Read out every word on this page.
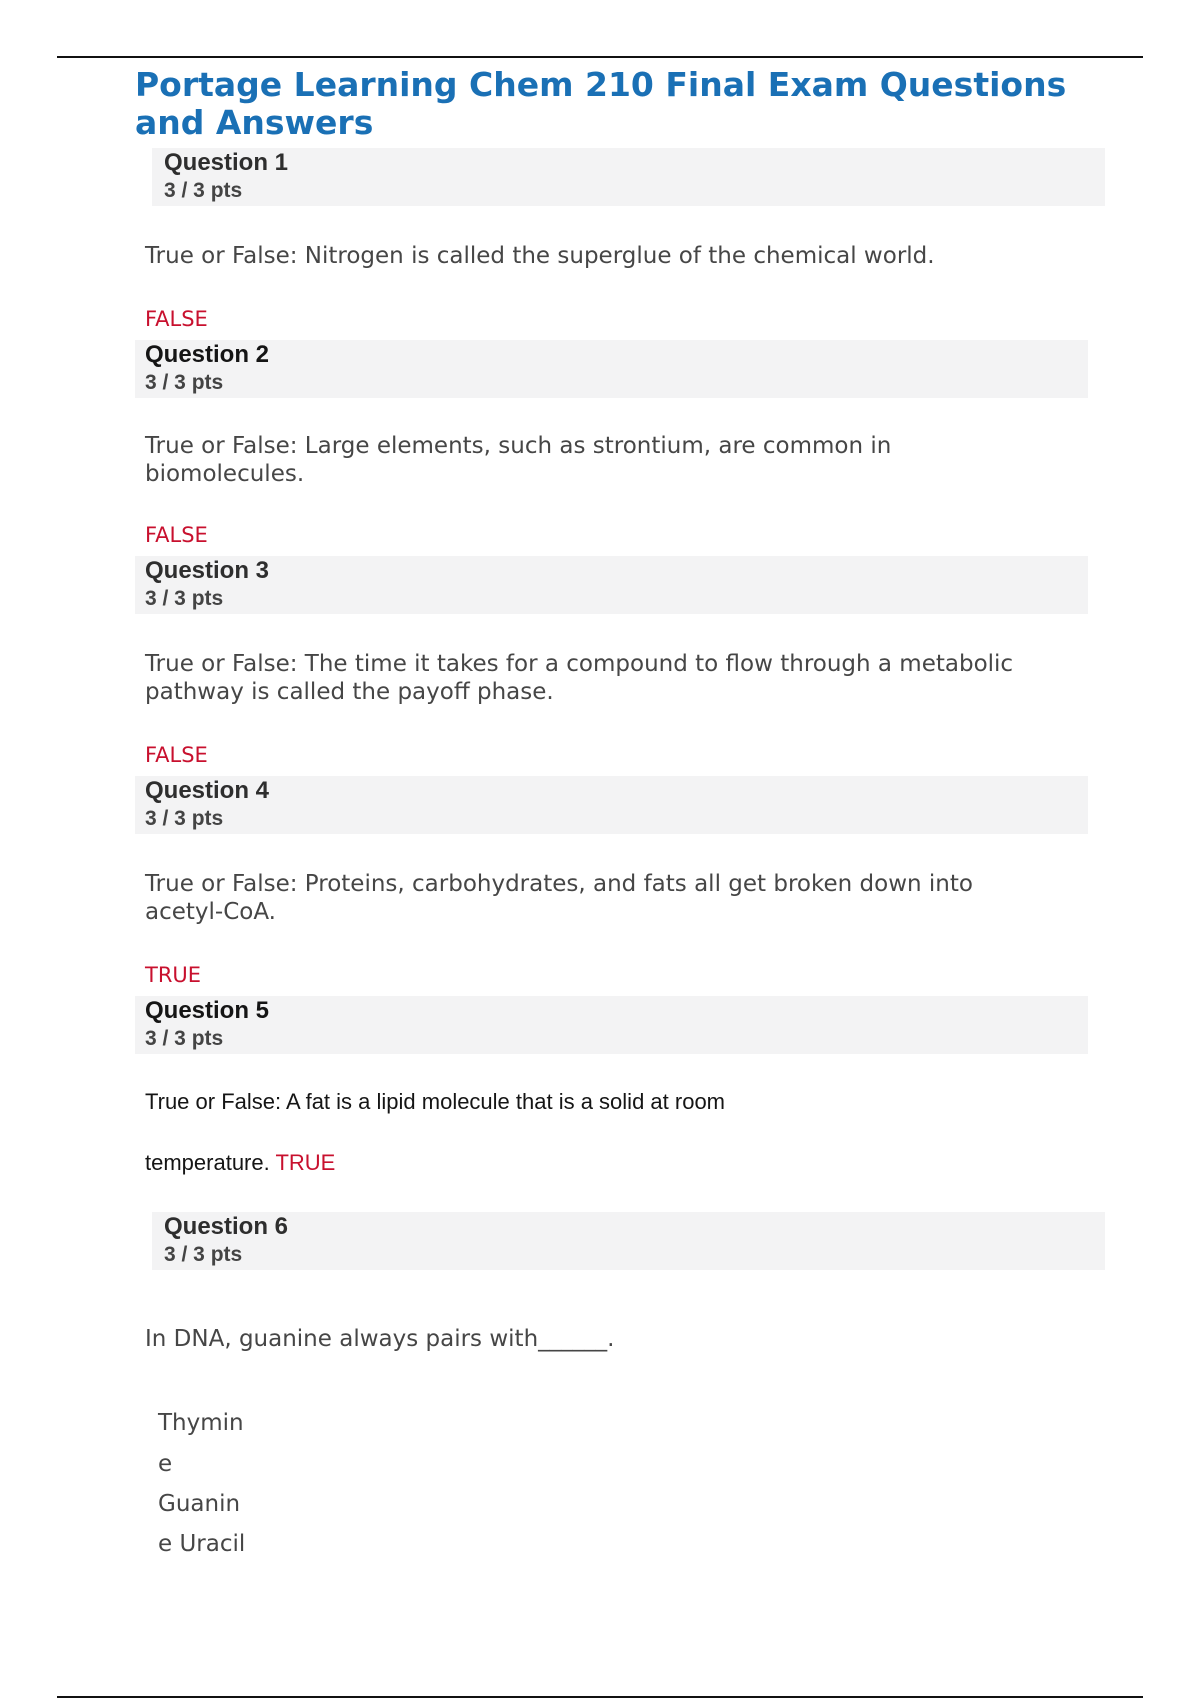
Portage Learning Chem 210 Final Exam Questions and Answers
Question 1
3 / 3 pts
True or False: Nitrogen is called the superglue of the chemical world.
FALSE
Question 2
3 / 3 pts
True or False: Large elements, such as strontium, are common in
biomolecules.
FALSE
Question 3
3 / 3 pts
True or False: The time it takes for a compound to flow through a metabolic
pathway is called the payoff phase.
FALSE
Question 4
3 / 3 pts
True or False: Proteins, carbohydrates, and fats all get broken down into
acetyl-CoA.
TRUE
Question 5
3 / 3 pts
True or False: A fat is a lipid molecule that is a solid at room
temperature. TRUE
Question 6
3 / 3 pts
In DNA, guanine always pairs with______.
Thymin
e
Guanin
e Uracil
